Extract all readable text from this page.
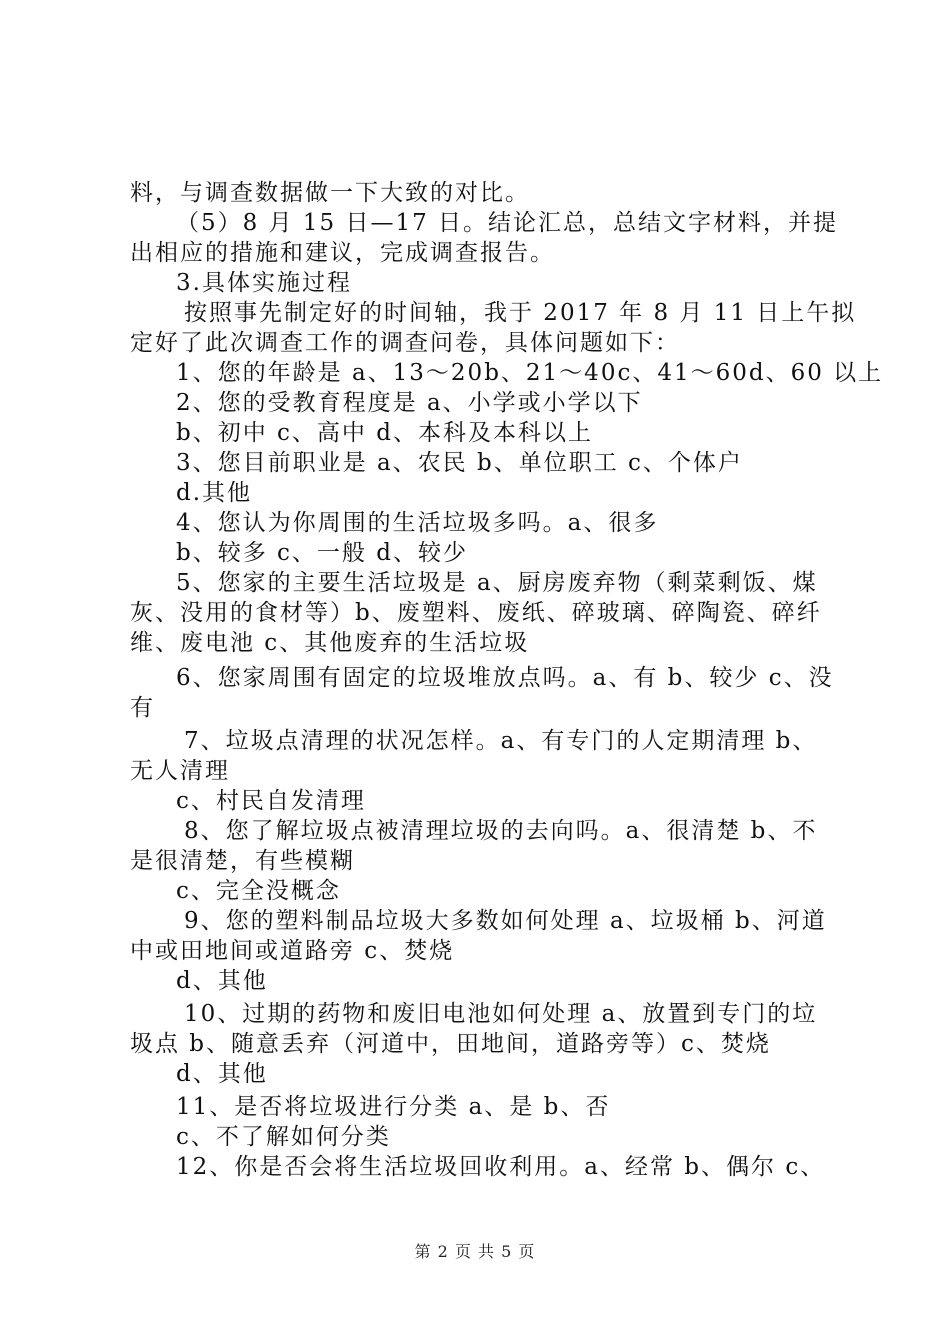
料，与调查数据做一下大致的对比。
（5）8 月 15 日—17 日。结论汇总，总结文字材料，并提
出相应的措施和建议，完成调查报告。
3.具体实施过程
按照事先制定好的时间轴，我于 2017 年 8 月 11 日上午拟
定好了此次调查工作的调查问卷，具体问题如下：
1、您的年龄是 a、13～20b、21～40c、41～60d、60 以上
2、您的受教育程度是 a、小学或小学以下
b、初中 c、高中 d、本科及本科以上
3、您目前职业是 a、农民 b、单位职工 c、个体户
d.其他
4、您认为你周围的生活垃圾多吗。a、很多
b、较多 c、一般 d、较少
5、您家的主要生活垃圾是 a、厨房废弃物（剩菜剩饭、煤
灰、没用的食材等）b、废塑料、废纸、碎玻璃、碎陶瓷、碎纤
维、废电池 c、其他废弃的生活垃圾
6、您家周围有固定的垃圾堆放点吗。a、有 b、较少 c、没
有
7、垃圾点清理的状况怎样。a、有专门的人定期清理 b、
无人清理
c、村民自发清理
8、您了解垃圾点被清理垃圾的去向吗。a、很清楚 b、不
是很清楚，有些模糊
c、完全没概念
9、您的塑料制品垃圾大多数如何处理 a、垃圾桶 b、河道
中或田地间或道路旁 c、焚烧
d、其他
10、过期的药物和废旧电池如何处理 a、放置到专门的垃
圾点 b、随意丢弃（河道中，田地间，道路旁等）c、焚烧
d、其他
11、是否将垃圾进行分类 a、是 b、否
c、不了解如何分类
12、你是否会将生活垃圾回收利用。a、经常 b、偶尔 c、
第 2 页 共 5 页
